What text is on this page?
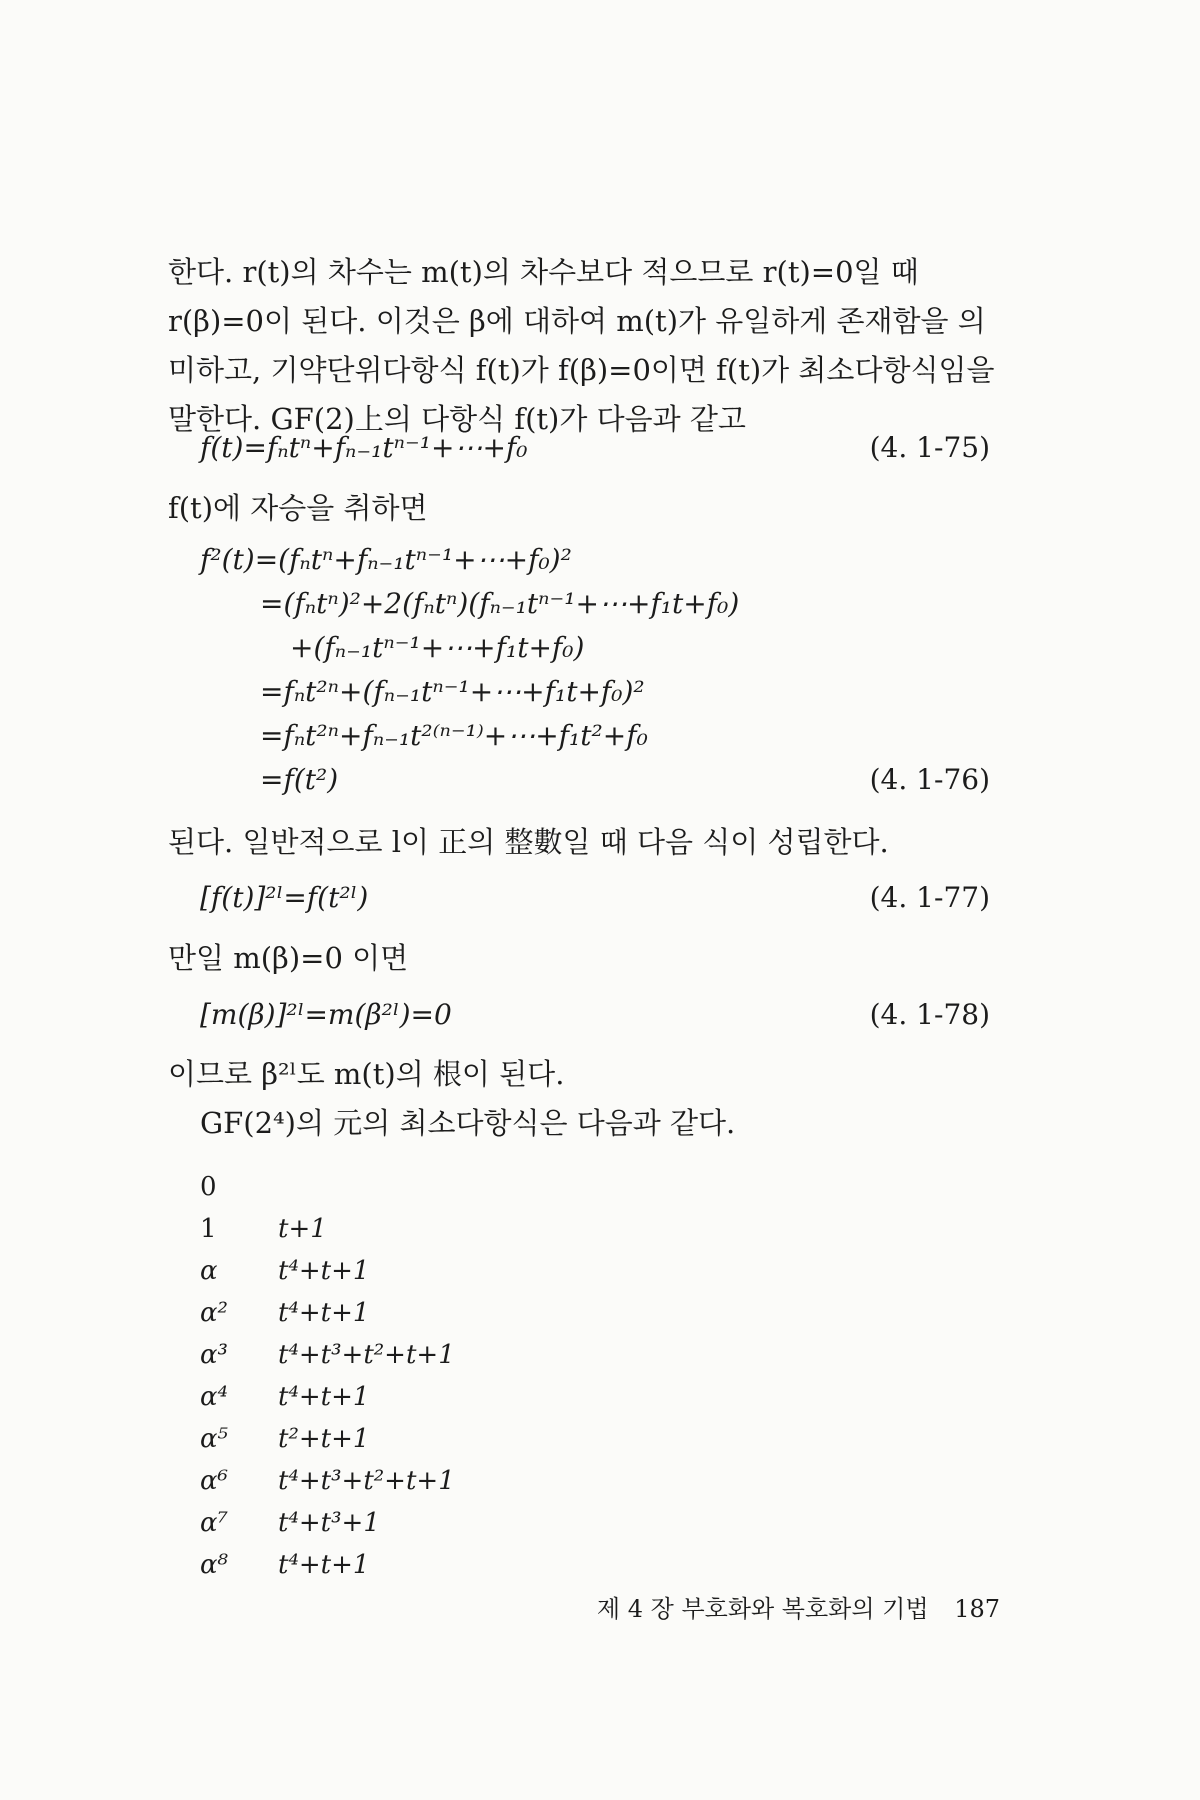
한다. r(t)의 차수는 m(t)의 차수보다 적으므로 r(t)=0일 때
r(β)=0이 된다. 이것은 β에 대하여 m(t)가 유일하게 존재함을 의
미하고, 기약단위다항식 f(t)가 f(β)=0이면 f(t)가 최소다항식임을
말한다. GF(2)上의 다항식 f(t)가 다음과 같고
f(t)=fₙtⁿ+fₙ₋₁tⁿ⁻¹+⋯+f₀	(4. 1-75)
f(t)에 자승을 취하면
f²(t)=(fₙtⁿ+fₙ₋₁tⁿ⁻¹+⋯+f₀)²
=(fₙtⁿ)²+2(fₙtⁿ)(fₙ₋₁tⁿ⁻¹+⋯+f₁t+f₀)
+(fₙ₋₁tⁿ⁻¹+⋯+f₁t+f₀)
=fₙt²ⁿ+(fₙ₋₁tⁿ⁻¹+⋯+f₁t+f₀)²
=fₙt²ⁿ+fₙ₋₁t²⁽ⁿ⁻¹⁾+⋯+f₁t²+f₀
=f(t²)	(4. 1-76)
된다. 일반적으로 l이 正의 整數일 때 다음 식이 성립한다.
[f(t)]²ˡ=f(t²ˡ)	(4. 1-77)
만일 m(β)=0 이면
[m(β)]²ˡ=m(β²ˡ)=0	(4. 1-78)
이므로 β²ˡ도 m(t)의 根이 된다.
GF(2⁴)의 元의 최소다항식은 다음과 같다.
0
1 t+1
α t⁴+t+1
α² t⁴+t+1
α³ t⁴+t³+t²+t+1
α⁴ t⁴+t+1
α⁵ t²+t+1
α⁶ t⁴+t³+t²+t+1
α⁷ t⁴+t³+1
α⁸ t⁴+t+1
제 4 장 부호화와 복호화의 기법 187
